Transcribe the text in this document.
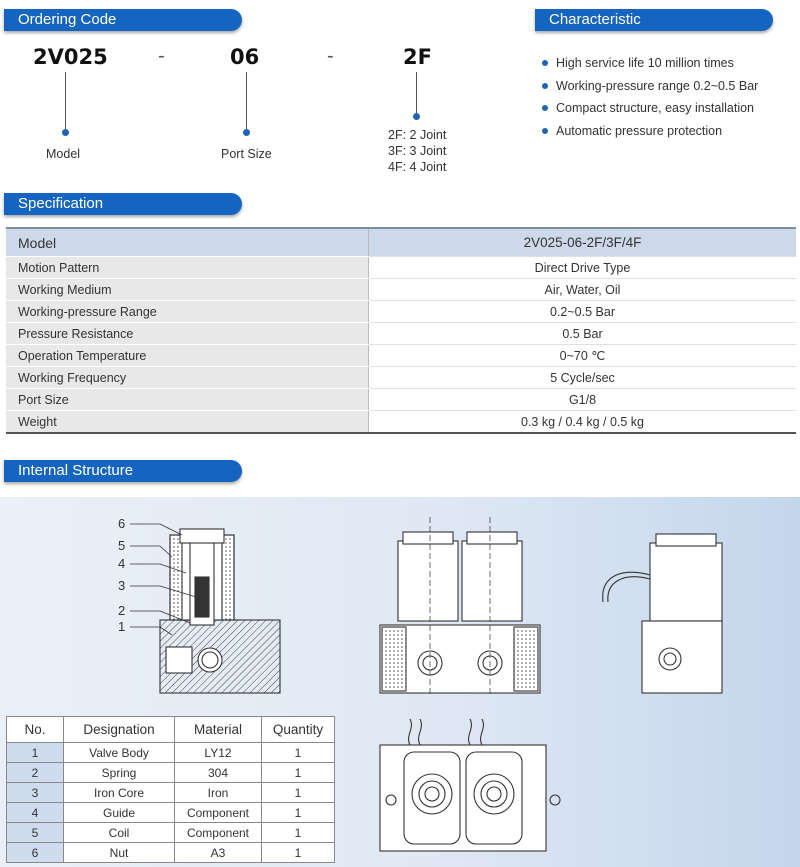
Ordering Code	Characteristic
Specification
Internal Structure
2V025	-	06	-	2F
Model	Port Size
2F: 2 Joint
3F: 3 Joint
4F: 4 Joint
High service life 10 million times
Working-pressure range 0.2~0.5 Bar
Compact structure, easy installation
Automatic pressure protection
Model	2V025-06-2F/3F/4F
Motion Pattern	Direct Drive Type
Working Medium	Air, Water, Oil
Working-pressure Range	0.2~0.5 Bar
Pressure Resistance	0.5 Bar
Operation Temperature	0~70 ℃
Working Frequency	5 Cycle/sec
Port Size	G1/8
Weight	0.3 kg / 0.4 kg / 0.5 kg
6
5
4
3
2
1
No.	Designation	Material	Quantity
1	Valve Body	LY12	1
2	Spring	304	1
3	Iron Core	Iron	1
4	Guide	Component	1
5	Coil	Component	1
6	Nut	A3	1
